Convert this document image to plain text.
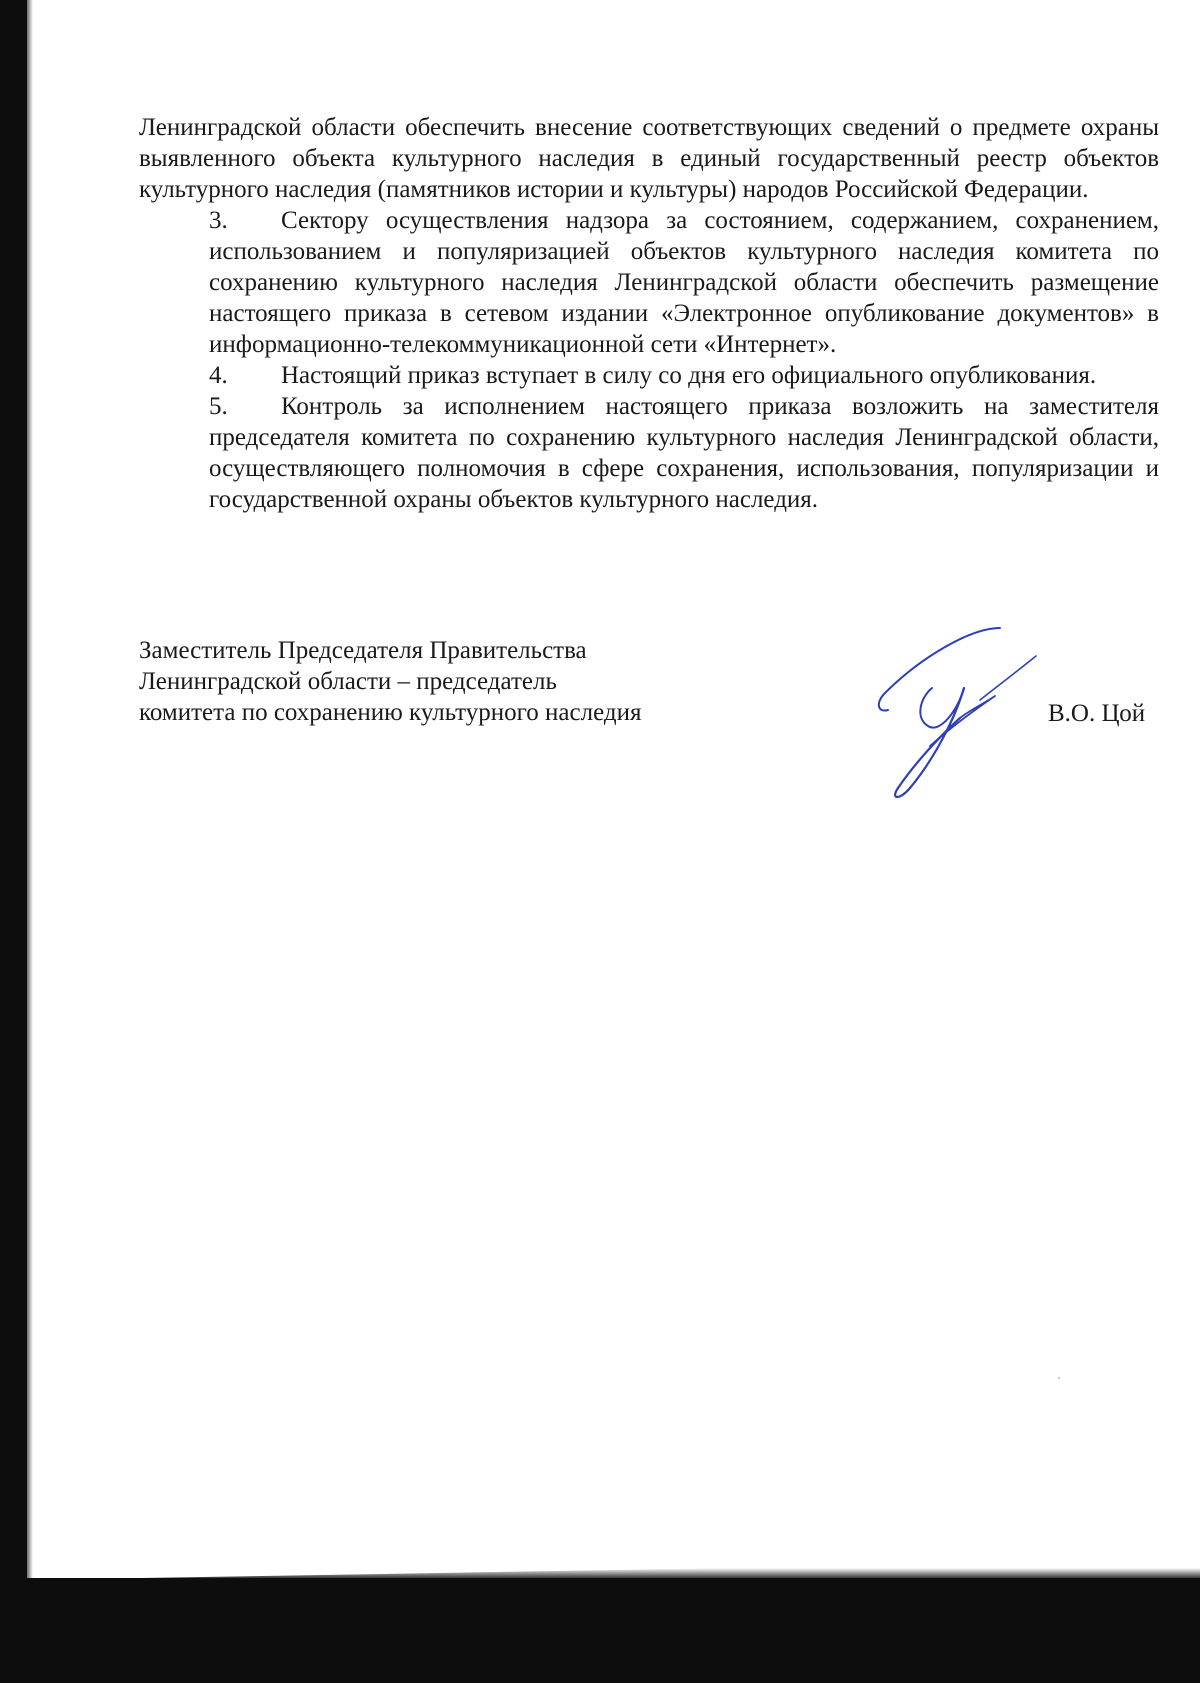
Ленинградской области обеспечить внесение соответствующих сведений о предмете охраны выявленного объекта культурного наследия в единый государственный реестр объектов культурного наследия (памятников истории и культуры) народов Российской Федерации.

3. Сектору осуществления надзора за состоянием, содержанием, сохранением, использованием и популяризацией объектов культурного наследия комитета по сохранению культурного наследия Ленинградской области обеспечить размещение настоящего приказа в сетевом издании «Электронное опубликование документов» в информационно-телекоммуникационной сети «Интернет».

4. Настоящий приказ вступает в силу со дня его официального опубликования.

5. Контроль за исполнением настоящего приказа возложить на заместителя председателя комитета по сохранению культурного наследия Ленинградской области, осуществляющего полномочия в сфере сохранения, использования, популяризации и государственной охраны объектов культурного наследия.

Заместитель Председателя Правительства
Ленинградской области – председатель
комитета по сохранению культурного наследия	В.О. Цой
